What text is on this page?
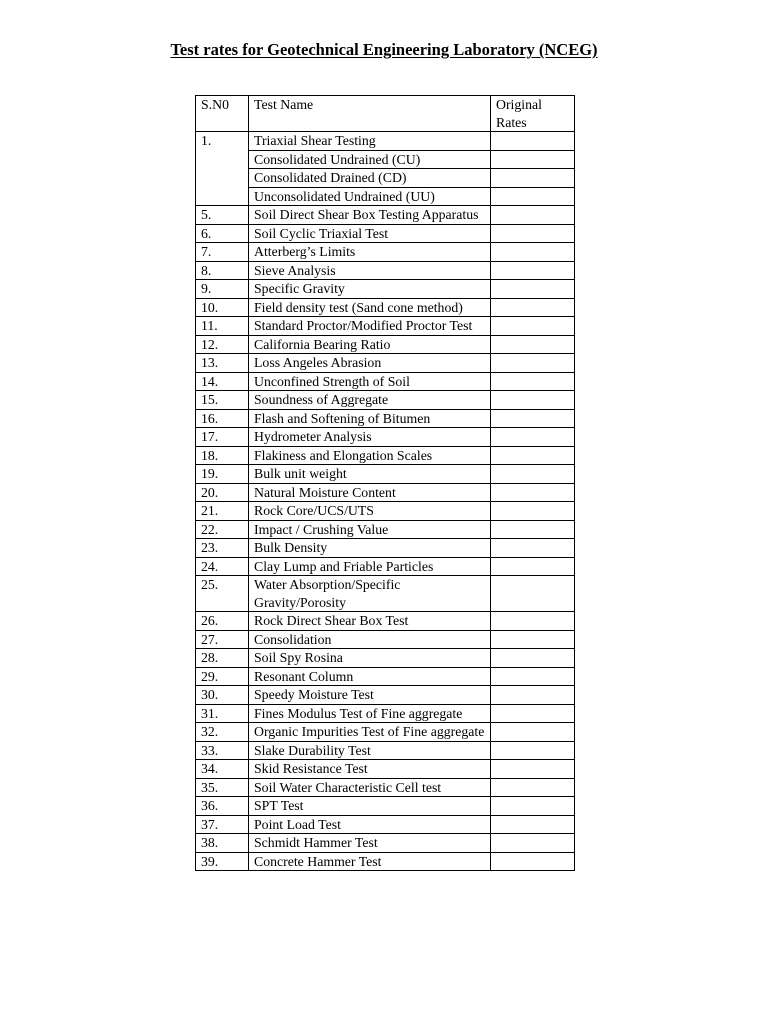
Test rates for Geotechnical Engineering Laboratory (NCEG)
S.N0	Test Name	Original Rates
1.	Triaxial Shear Testing	
	Consolidated Undrained (CU)	
	Consolidated Drained (CD)	
	Unconsolidated Undrained (UU)	
5.	Soil Direct Shear Box Testing Apparatus	
6.	Soil Cyclic Triaxial Test	
7.	Atterberg’s Limits	
8.	Sieve Analysis	
9.	Specific Gravity	
10.	Field density test (Sand cone method)	
11.	Standard Proctor/Modified Proctor Test	
12.	California Bearing Ratio	
13.	Loss Angeles Abrasion	
14.	Unconfined Strength of Soil	
15.	Soundness of Aggregate	
16.	Flash and Softening of Bitumen	
17.	Hydrometer Analysis	
18.	Flakiness and Elongation Scales	
19.	Bulk unit weight	
20.	Natural Moisture Content	
21.	Rock Core/UCS/UTS	
22.	Impact / Crushing Value	
23.	Bulk Density	
24.	Clay Lump and Friable Particles	
25.	Water Absorption/Specific Gravity/Porosity	
26.	Rock Direct Shear Box Test	
27.	Consolidation	
28.	Soil Spy Rosina	
29.	Resonant Column	
30.	Speedy Moisture Test	
31.	Fines Modulus Test of Fine aggregate	
32.	Organic Impurities Test of Fine aggregate	
33.	Slake Durability Test	
34.	Skid Resistance Test	
35.	Soil Water Characteristic Cell test	
36.	SPT Test	
37.	Point Load Test	
38.	Schmidt Hammer Test	
39.	Concrete Hammer Test	
